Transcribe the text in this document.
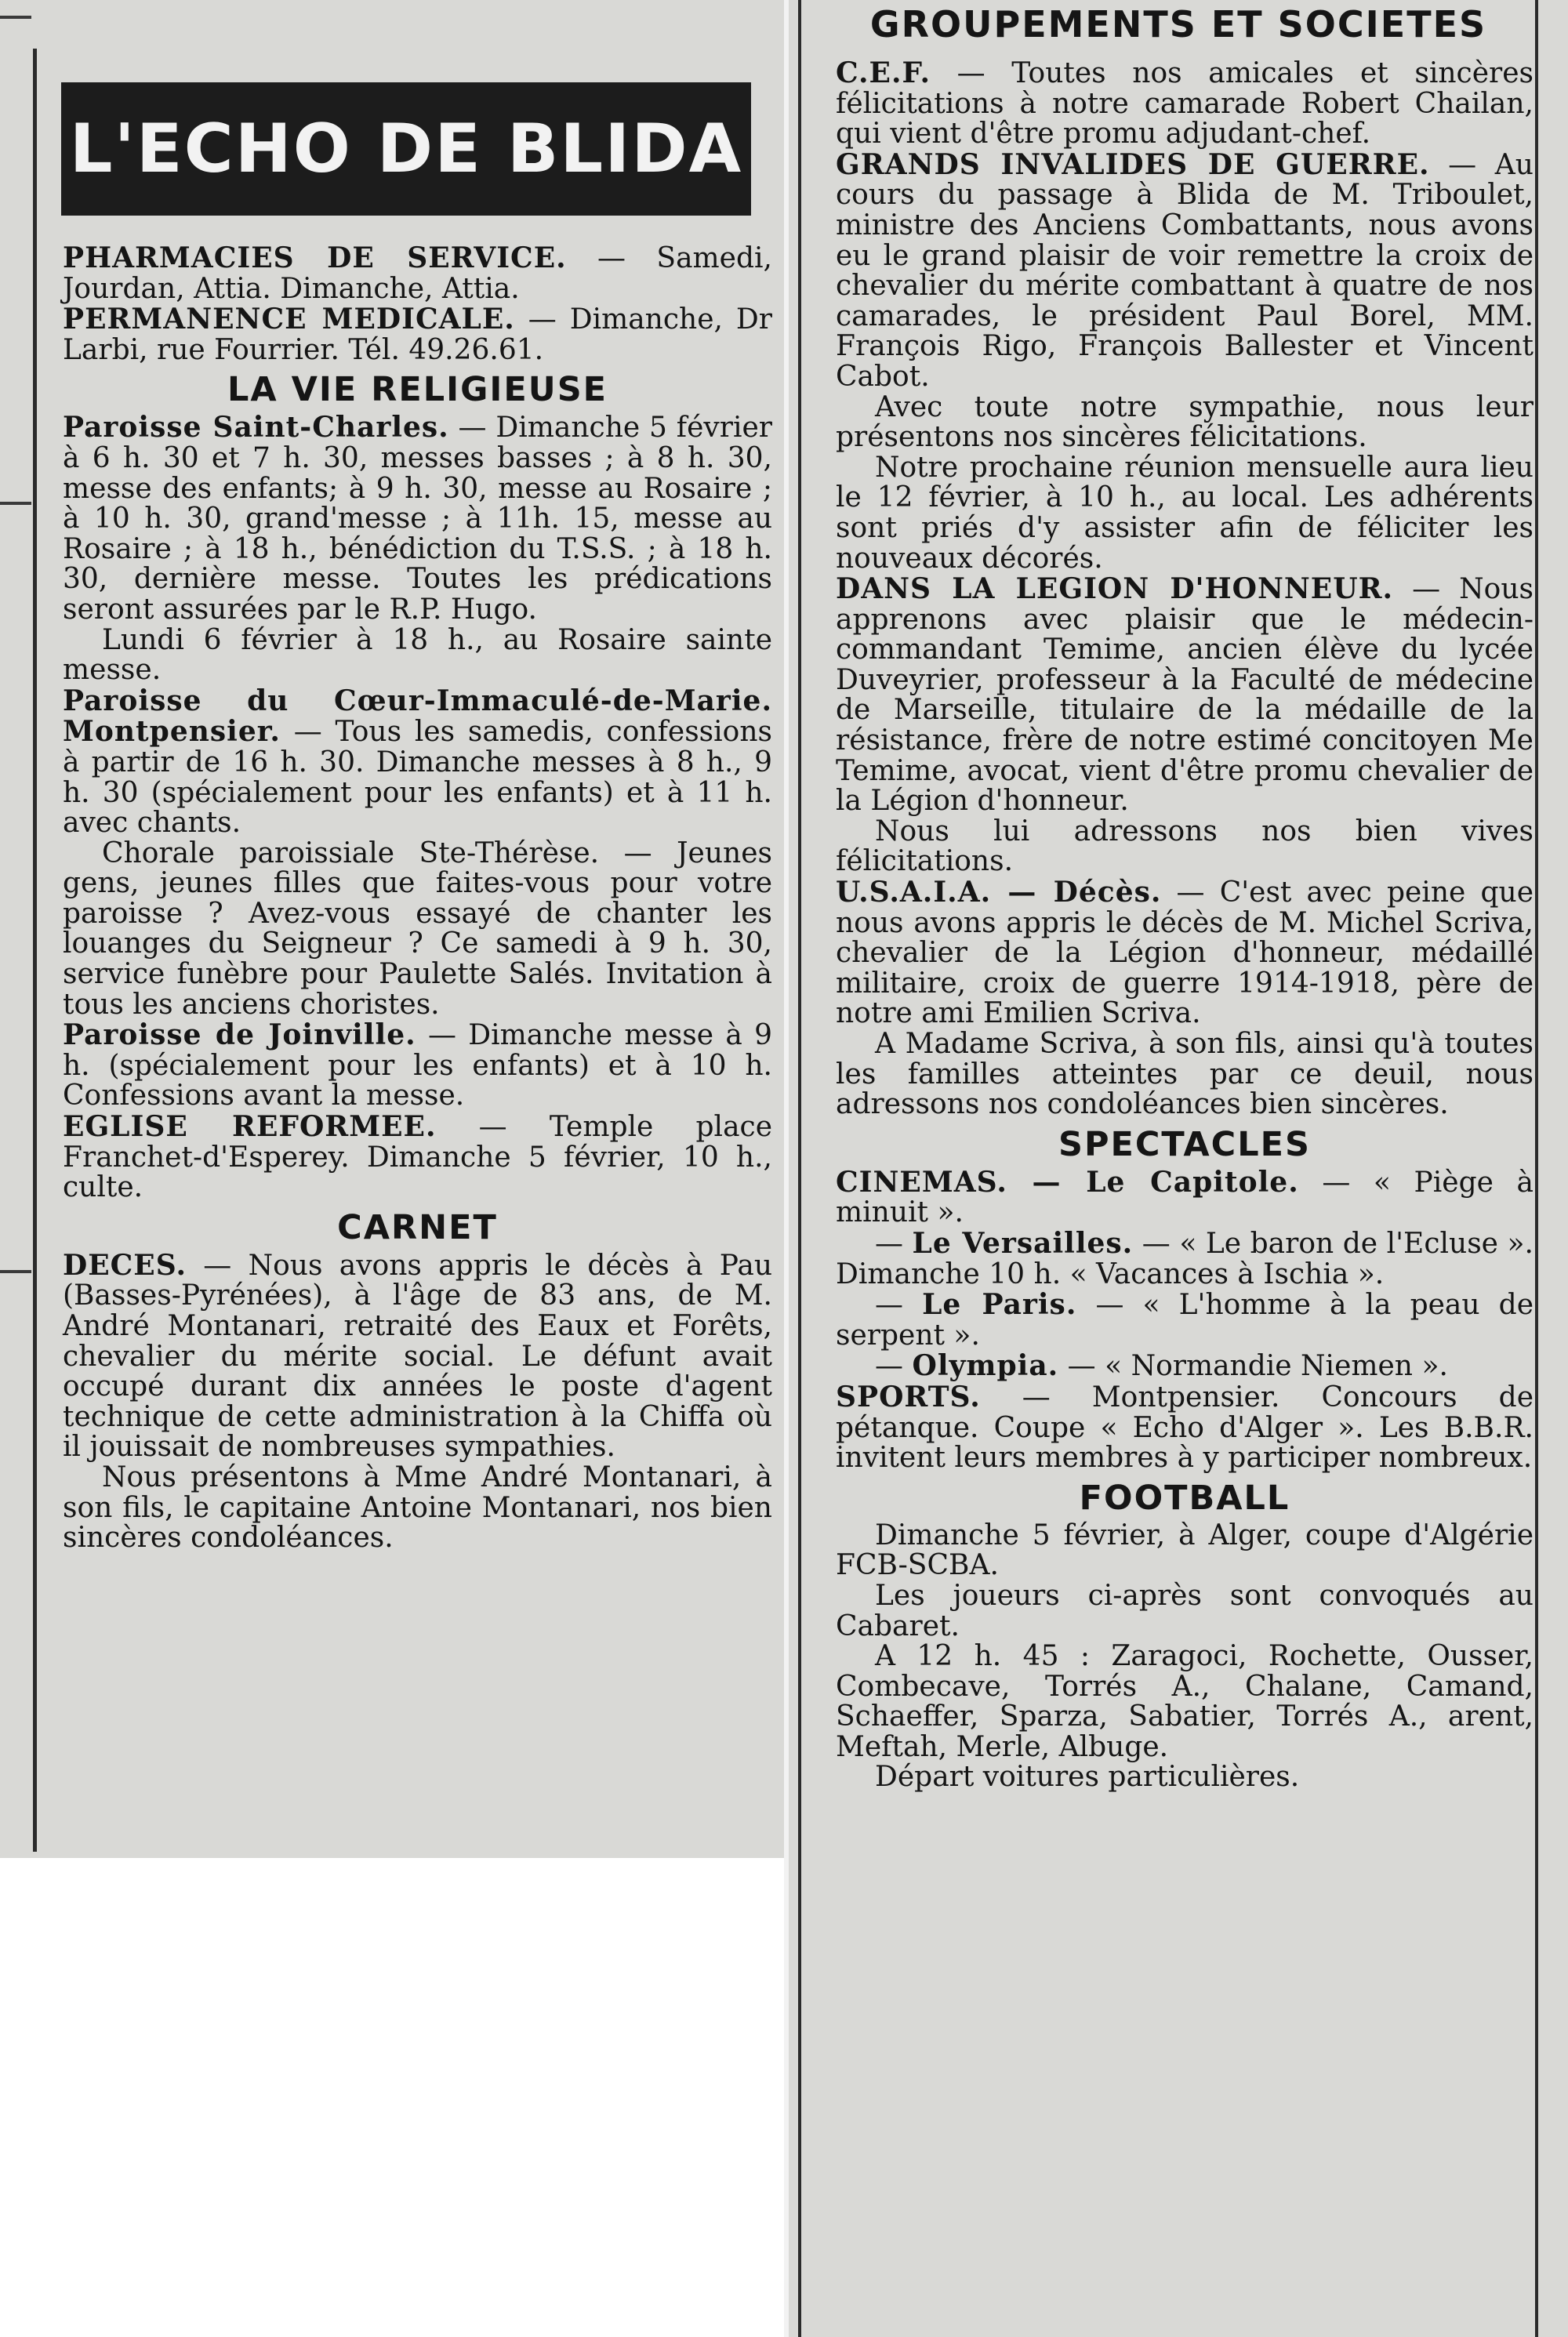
L'ECHO DE BLIDA

PHARMACIES DE SERVICE. — Samedi, Jourdan, Attia. Dimanche, Attia.

PERMANENCE MEDICALE. — Dimanche, Dr Larbi, rue Fourrier. Tél. 49.26.61.

LA VIE RELIGIEUSE

Paroisse Saint-Charles. — Dimanche 5 février à 6 h. 30 et 7 h. 30, messes basses ; à 8 h. 30, messe des enfants; à 9 h. 30, messe au Rosaire ; à 10 h. 30, grand'messe ; à 11h. 15, messe au Rosaire ; à 18 h., bénédiction du T.S.S. ; à 18 h. 30, dernière messe. Toutes les prédications seront assurées par le R.P. Hugo.

Lundi 6 février à 18 h., au Rosaire sainte messe.

Paroisse du Cœur-Immaculé-de-Marie. Montpensier. — Tous les samedis, confessions à partir de 16 h. 30. Dimanche messes à 8 h., 9 h. 30 (spécialement pour les enfants) et à 11 h. avec chants.

Chorale paroissiale Ste-Thérèse. — Jeunes gens, jeunes filles que faites-vous pour votre paroisse ? Avez-vous essayé de chanter les louanges du Seigneur ? Ce samedi à 9 h. 30, service funèbre pour Paulette Salés. Invitation à tous les anciens choristes.

Paroisse de Joinville. — Dimanche messe à 9 h. (spécialement pour les enfants) et à 10 h. Confessions avant la messe.

EGLISE REFORMEE. — Temple place Franchet-d'Esperey. Dimanche 5 février, 10 h., culte.

CARNET

DECES. — Nous avons appris le décès à Pau (Basses-Pyrénées), à l'âge de 83 ans, de M. André Montanari, retraité des Eaux et Forêts, chevalier du mérite social. Le défunt avait occupé durant dix années le poste d'agent technique de cette administration à la Chiffa où il jouissait de nombreuses sympathies.

Nous présentons à Mme André Montanari, à son fils, le capitaine Antoine Montanari, nos bien sincères condoléances.

GROUPEMENTS ET SOCIETES

C.E.F. — Toutes nos amicales et sincères félicitations à notre camarade Robert Chailan, qui vient d'être promu adjudant-chef.

GRANDS INVALIDES DE GUERRE. — Au cours du passage à Blida de M. Triboulet, ministre des Anciens Combattants, nous avons eu le grand plaisir de voir remettre la croix de chevalier du mérite combattant à quatre de nos camarades, le président Paul Borel, MM. François Rigo, François Ballester et Vincent Cabot.

Avec toute notre sympathie, nous leur présentons nos sincères félicitations.

Notre prochaine réunion mensuelle aura lieu le 12 février, à 10 h., au local. Les adhérents sont priés d'y assister afin de féliciter les nouveaux décorés.

DANS LA LEGION D'HONNEUR. — Nous apprenons avec plaisir que le médecin-commandant Temime, ancien élève du lycée Duveyrier, professeur à la Faculté de médecine de Marseille, titulaire de la médaille de la résistance, frère de notre estimé concitoyen Me Temime, avocat, vient d'être promu chevalier de la Légion d'honneur.

Nous lui adressons nos bien vives félicitations.

U.S.A.I.A. — Décès. — C'est avec peine que nous avons appris le décès de M. Michel Scriva, chevalier de la Légion d'honneur, médaillé militaire, croix de guerre 1914-1918, père de notre ami Emilien Scriva.

A Madame Scriva, à son fils, ainsi qu'à toutes les familles atteintes par ce deuil, nous adressons nos condoléances bien sincères.

SPECTACLES

CINEMAS. — Le Capitole. — « Piège à minuit ».

— Le Versailles. — « Le baron de l'Ecluse ». Dimanche 10 h. « Vacances à Ischia ».

— Le Paris. — « L'homme à la peau de serpent ».

— Olympia. — « Normandie Niemen ».

SPORTS. — Montpensier. Concours de pétanque. Coupe « Echo d'Alger ». Les B.B.R. invitent leurs membres à y participer nombreux.

FOOTBALL

Dimanche 5 février, à Alger, coupe d'Algérie FCB-SCBA.

Les joueurs ci-après sont convoqués au Cabaret.

A 12 h. 45 : Zaragoci, Rochette, Ousser, Combecave, Torrés A., Chalane, Camand, Schaeffer, Sparza, Sabatier, Torrés A., arent, Meftah, Merle, Albuge.

Départ voitures particulières.
